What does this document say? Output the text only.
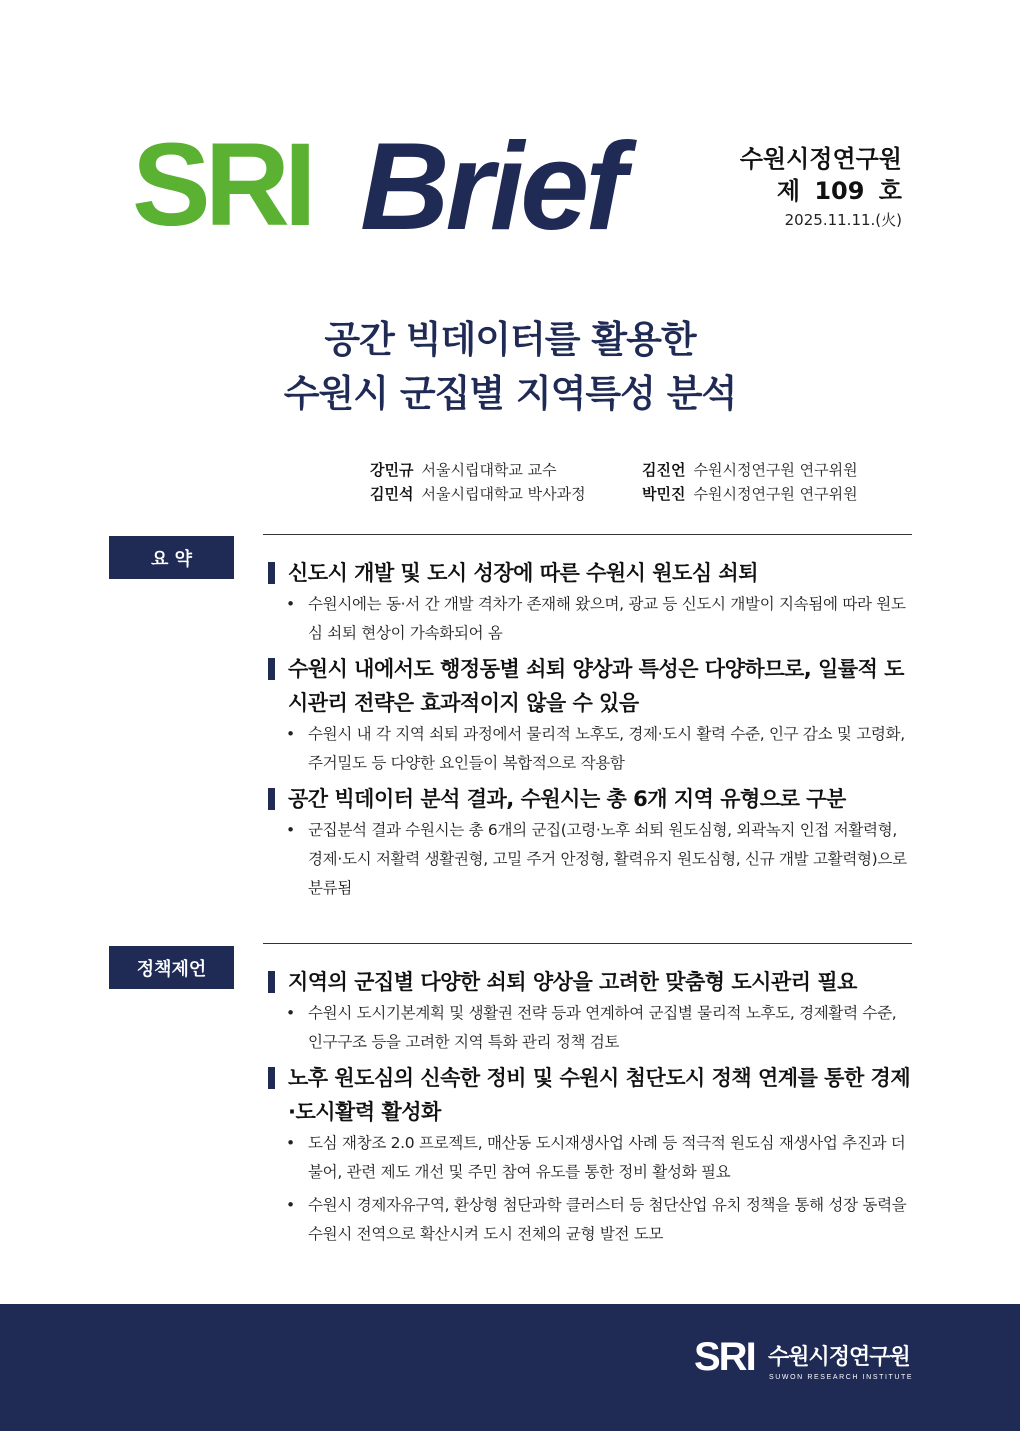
SRI Brief	수원시정연구원
제 109 호
2025.11.11.(火)
공간 빅데이터를 활용한
수원시 군집별 지역특성 분석
강민규 서울시립대학교 교수	김진언 수원시정연구원 연구위원
김민석 서울시립대학교 박사과정	박민진 수원시정연구원 연구위원
요 약
신도시 개발 및 도시 성장에 따른 수원시 원도심 쇠퇴
• 수원시에는 동·서 간 개발 격차가 존재해 왔으며, 광교 등 신도시 개발이 지속됨에 따라 원도심 쇠퇴 현상이 가속화되어 옴
수원시 내에서도 행정동별 쇠퇴 양상과 특성은 다양하므로, 일률적 도시관리 전략은 효과적이지 않을 수 있음
• 수원시 내 각 지역 쇠퇴 과정에서 물리적 노후도, 경제·도시 활력 수준, 인구 감소 및 고령화, 주거밀도 등 다양한 요인들이 복합적으로 작용함
공간 빅데이터 분석 결과, 수원시는 총 6개 지역 유형으로 구분
• 군집분석 결과 수원시는 총 6개의 군집(고령·노후 쇠퇴 원도심형, 외곽녹지 인접 저활력형, 경제·도시 저활력 생활권형, 고밀 주거 안정형, 활력유지 원도심형, 신규 개발 고활력형)으로 분류됨
정책제언
지역의 군집별 다양한 쇠퇴 양상을 고려한 맞춤형 도시관리 필요
• 수원시 도시기본계획 및 생활권 전략 등과 연계하여 군집별 물리적 노후도, 경제활력 수준, 인구구조 등을 고려한 지역 특화 관리 정책 검토
노후 원도심의 신속한 정비 및 수원시 첨단도시 정책 연계를 통한 경제·도시활력 활성화
• 도심 재창조 2.0 프로젝트, 매산동 도시재생사업 사례 등 적극적 원도심 재생사업 추진과 더불어, 관련 제도 개선 및 주민 참여 유도를 통한 정비 활성화 필요
• 수원시 경제자유구역, 환상형 첨단과학 클러스터 등 첨단산업 유치 정책을 통해 성장 동력을 수원시 전역으로 확산시켜 도시 전체의 균형 발전 도모
SRI 수원시정연구원
SUWON RESEARCH INSTITUTE
